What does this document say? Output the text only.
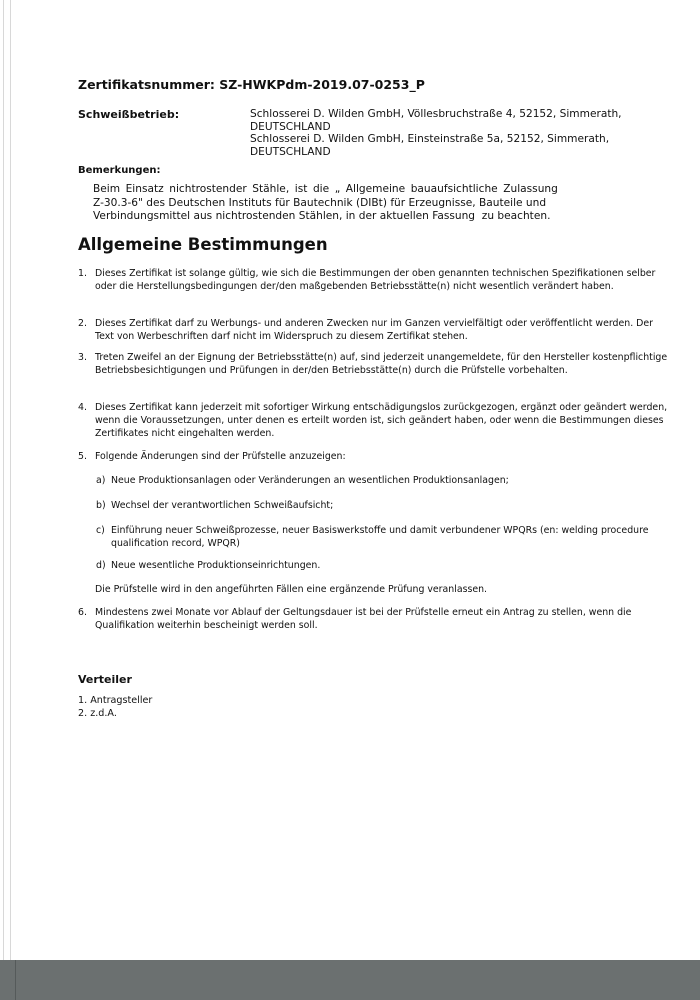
Zertifikatsnummer: SZ-HWKPdm-2019.07-0253_P
Schweißbetrieb:	Schlosserei D. Wilden GmbH, Völlesbruchstraße 4, 52152, Simmerath,
DEUTSCHLAND
Schlosserei D. Wilden GmbH, Einsteinstraße 5a, 52152, Simmerath,
DEUTSCHLAND
Bemerkungen:
Beim Einsatz nichtrostender Stähle, ist die „ Allgemeine bauaufsichtliche Zulassung
Z-30.3-6" des Deutschen Instituts für Bautechnik (DIBt) für Erzeugnisse, Bauteile und
Verbindungsmittel aus nichtrostenden Stählen, in der aktuellen Fassung  zu beachten.
Allgemeine Bestimmungen
1. Dieses Zertifikat ist solange gültig, wie sich die Bestimmungen der oben genannten technischen Spezifikationen selber oder die Herstellungsbedingungen der/den maßgebenden Betriebsstätte(n) nicht wesentlich verändert haben.
2. Dieses Zertifikat darf zu Werbungs- und anderen Zwecken nur im Ganzen vervielfältigt oder veröffentlicht werden. Der Text von Werbeschriften darf nicht im Widerspruch zu diesem Zertifikat stehen.
3. Treten Zweifel an der Eignung der Betriebsstätte(n) auf, sind jederzeit unangemeldete, für den Hersteller kostenpflichtige Betriebsbesichtigungen und Prüfungen in der/den Betriebsstätte(n) durch die Prüfstelle vorbehalten.
4. Dieses Zertifikat kann jederzeit mit sofortiger Wirkung entschädigungslos zurückgezogen, ergänzt oder geändert werden, wenn die Voraussetzungen, unter denen es erteilt worden ist, sich geändert haben, oder wenn die Bestimmungen dieses Zertifikates nicht eingehalten werden.
5. Folgende Änderungen sind der Prüfstelle anzuzeigen:
a) Neue Produktionsanlagen oder Veränderungen an wesentlichen Produktionsanlagen;
b) Wechsel der verantwortlichen Schweißaufsicht;
c) Einführung neuer Schweißprozesse, neuer Basiswerkstoffe und damit verbundener WPQRs (en: welding procedure qualification record, WPQR)
d) Neue wesentliche Produktionseinrichtungen.
Die Prüfstelle wird in den angeführten Fällen eine ergänzende Prüfung veranlassen.
6. Mindestens zwei Monate vor Ablauf der Geltungsdauer ist bei der Prüfstelle erneut ein Antrag zu stellen, wenn die Qualifikation weiterhin bescheinigt werden soll.
Verteiler
1. Antragsteller
2. z.d.A.
